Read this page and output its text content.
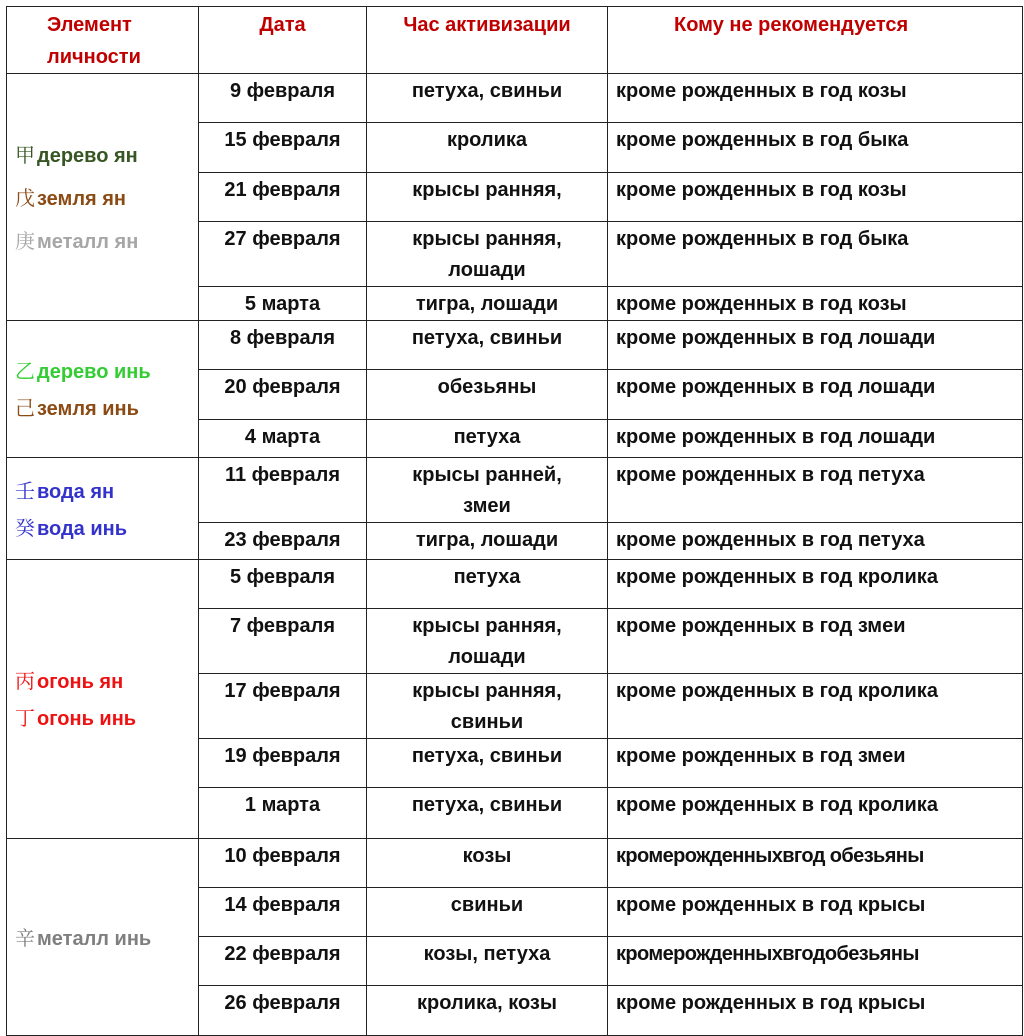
Элемент личности	Дата	Час активизации	Кому не рекомендуется

甲 дерево ян
戊 земля ян
庚 металл ян	9 февраля	петуха, свиньи	кроме рожденных в год козы
	15 февраля	кролика	кроме рожденных в год быка
	21 февраля	крысы ранняя,	кроме рожденных в год козы
	27 февраля	крысы ранняя, лошади	кроме рожденных в год быка
	5 марта	тигра, лошади	кроме рожденных в год козы

乙 дерево инь
己 земля инь	8 февраля	петуха, свиньи	кроме рожденных в год лошади
	20 февраля	обезьяны	кроме рожденных в год лошади
	4 марта	петуха	кроме рожденных в год лошади

壬 вода ян
癸 вода инь	11 февраля	крысы ранней, змеи	кроме рожденных в год петуха
	23 февраля	тигра, лошади	кроме рожденных в год петуха

丙 огонь ян
丁 огонь инь	5 февраля	петуха	кроме рожденных в год кролика
	7 февраля	крысы ранняя, лошади	кроме рожденных в год змеи
	17 февраля	крысы ранняя, свиньи	кроме рожденных в год кролика
	19 февраля	петуха, свиньи	кроме рожденных в год змеи
	1 марта	петуха, свиньи	кроме рожденных в год кролика

辛 металл инь	10 февраля	козы	кромерожденныхвгод обезьяны
	14 февраля	свиньи	кроме рожденных в год крысы
	22 февраля	козы, петуха	кромерожденныхвгодобезьяны
	26 февраля	кролика, козы	кроме рожденных в год крысы
